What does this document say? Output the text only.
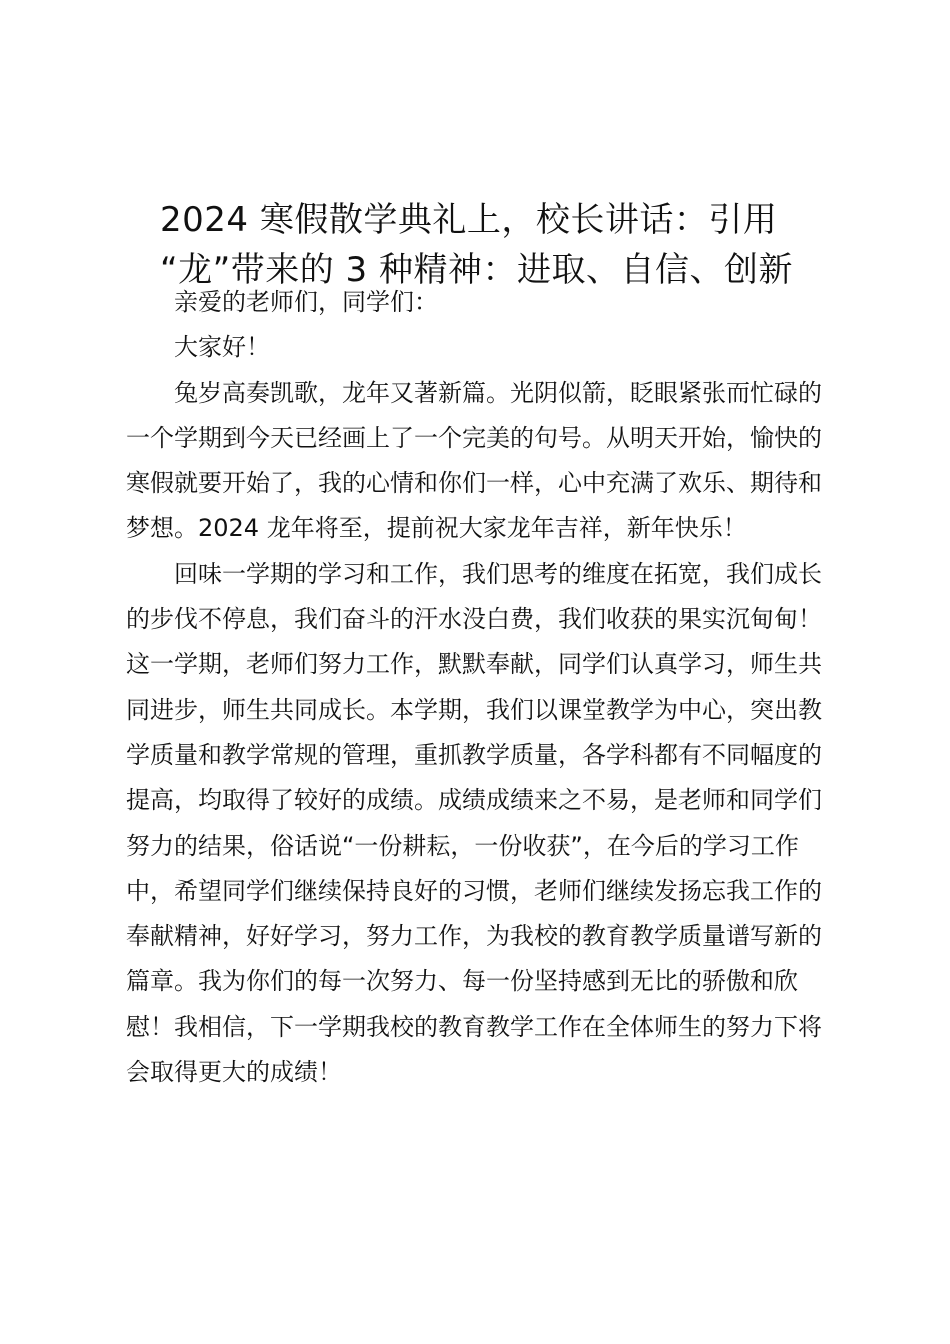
2024 寒假散学典礼上，校长讲话：引用
“龙”带来的 3 种精神：进取、自信、创新

亲爱的老师们，同学们：

大家好！

兔岁高奏凯歌，龙年又著新篇。光阴似箭，眨眼紧张而忙碌的一个学期到今天已经画上了一个完美的句号。从明天开始，愉快的寒假就要开始了，我的心情和你们一样，心中充满了欢乐、期待和梦想。2024 龙年将至，提前祝大家龙年吉祥，新年快乐！

回味一学期的学习和工作，我们思考的维度在拓宽，我们成长的步伐不停息，我们奋斗的汗水没白费，我们收获的果实沉甸甸！这一学期，老师们努力工作，默默奉献，同学们认真学习，师生共同进步，师生共同成长。本学期，我们以课堂教学为中心，突出教学质量和教学常规的管理，重抓教学质量，各学科都有不同幅度的提高，均取得了较好的成绩。成绩成绩来之不易，是老师和同学们努力的结果，俗话说“一份耕耘，一份收获”，在今后的学习工作中，希望同学们继续保持良好的习惯，老师们继续发扬忘我工作的奉献精神，好好学习，努力工作，为我校的教育教学质量谱写新的篇章。我为你们的每一次努力、每一份坚持感到无比的骄傲和欣慰！我相信，下一学期我校的教育教学工作在全体师生的努力下将会取得更大的成绩！
